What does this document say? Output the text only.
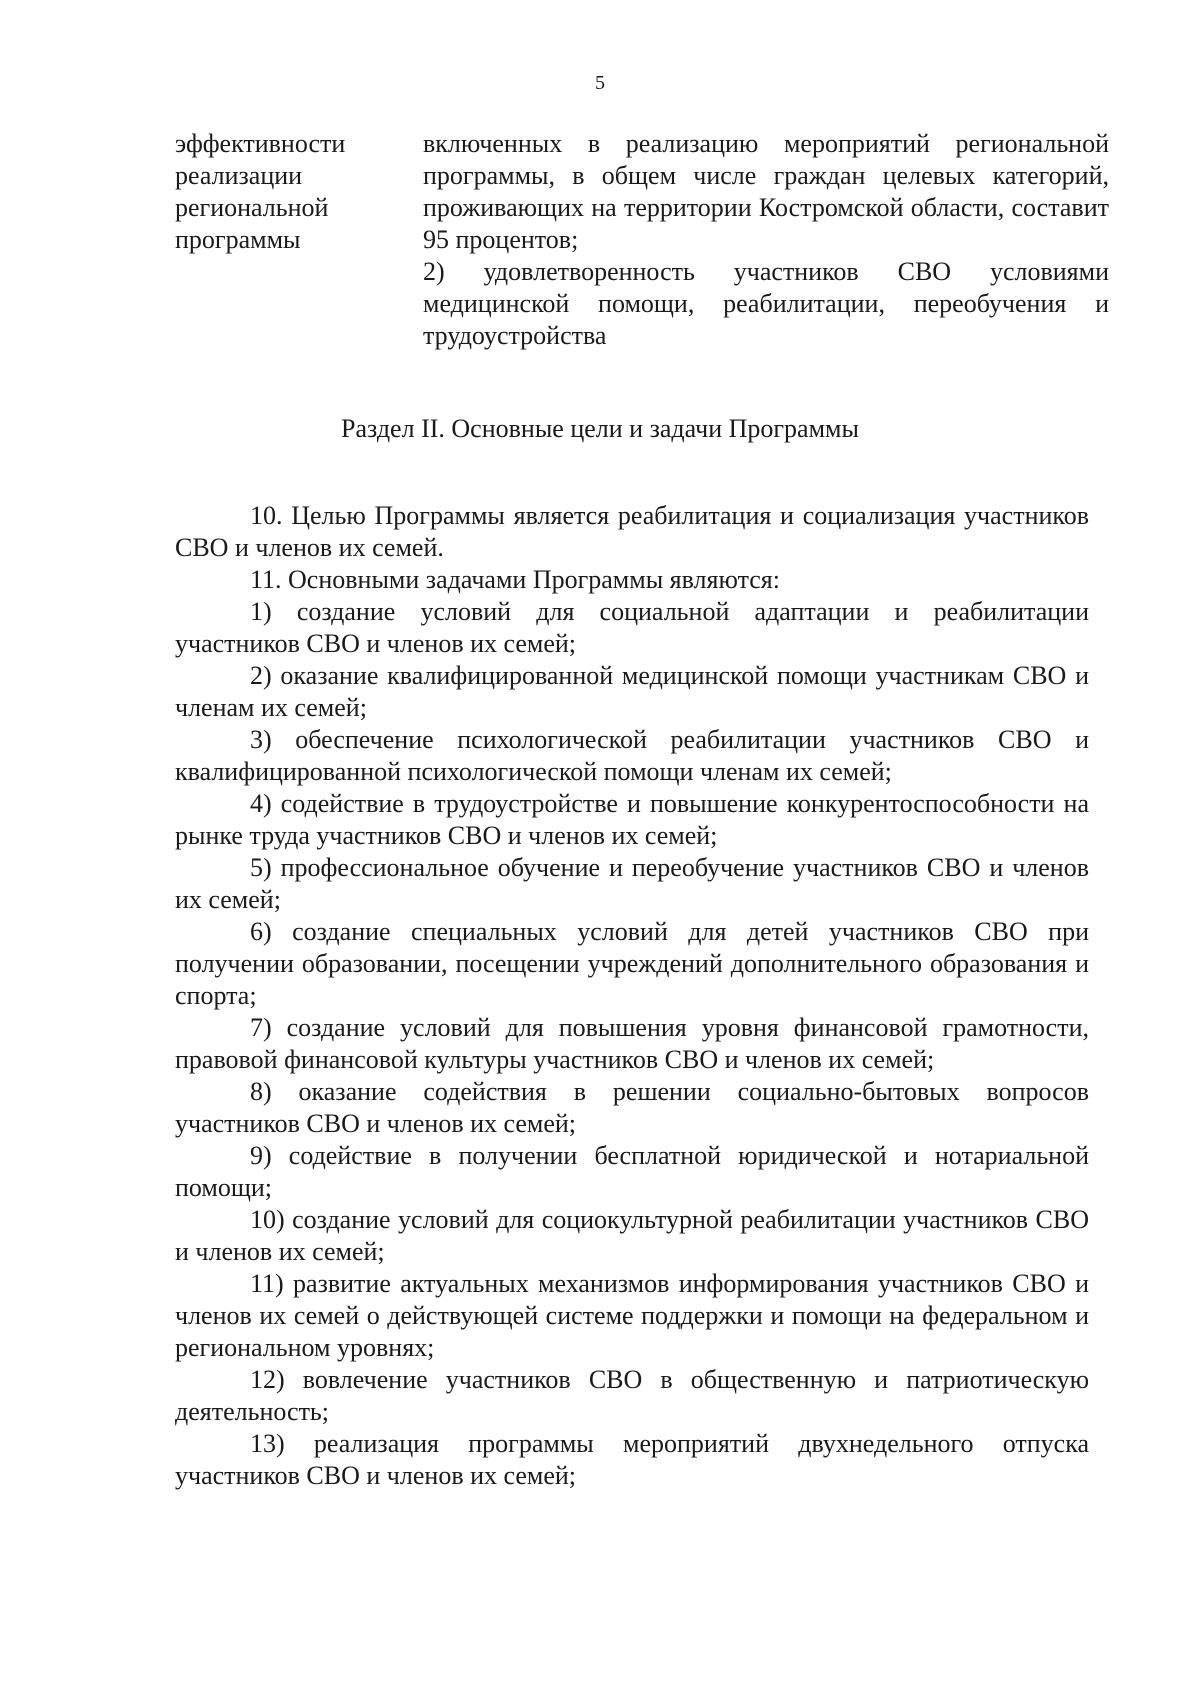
5
эффективности
реализации
региональной
программы

включенных в реализацию мероприятий региональной программы, в общем числе граждан целевых категорий, проживающих на территории Костромской области, составит 95 процентов;

2) удовлетворенность участников СВО условиями медицинской помощи, реабилитации, переобучения и трудоустройства

Раздел II. Основные цели и задачи Программы

10. Целью Программы является реабилитация и социализация участников СВО и членов их семей.

11. Основными задачами Программы являются:

1) создание условий для социальной адаптации и реабилитации участников СВО и членов их семей;

2) оказание квалифицированной медицинской помощи участникам СВО и членам их семей;

3) обеспечение психологической реабилитации участников СВО и квалифицированной психологической помощи членам их семей;

4) содействие в трудоустройстве и повышение конкурентоспособности на рынке труда участников СВО и членов их семей;

5) профессиональное обучение и переобучение участников СВО и членов их семей;

6) создание специальных условий для детей участников СВО при получении образовании, посещении учреждений дополнительного образования и спорта;

7) создание условий для повышения уровня финансовой грамотности, правовой финансовой культуры участников СВО и членов их семей;

8) оказание содействия в решении социально-бытовых вопросов участников СВО и членов их семей;

9) содействие в получении бесплатной юридической и нотариальной помощи;

10) создание условий для социокультурной реабилитации участников СВО и членов их семей;

11) развитие актуальных механизмов информирования участников СВО и членов их семей о действующей системе поддержки и помощи на федеральном и региональном уровнях;

12) вовлечение участников СВО в общественную и патриотическую деятельность;

13) реализация программы мероприятий двухнедельного отпуска участников СВО и членов их семей;
